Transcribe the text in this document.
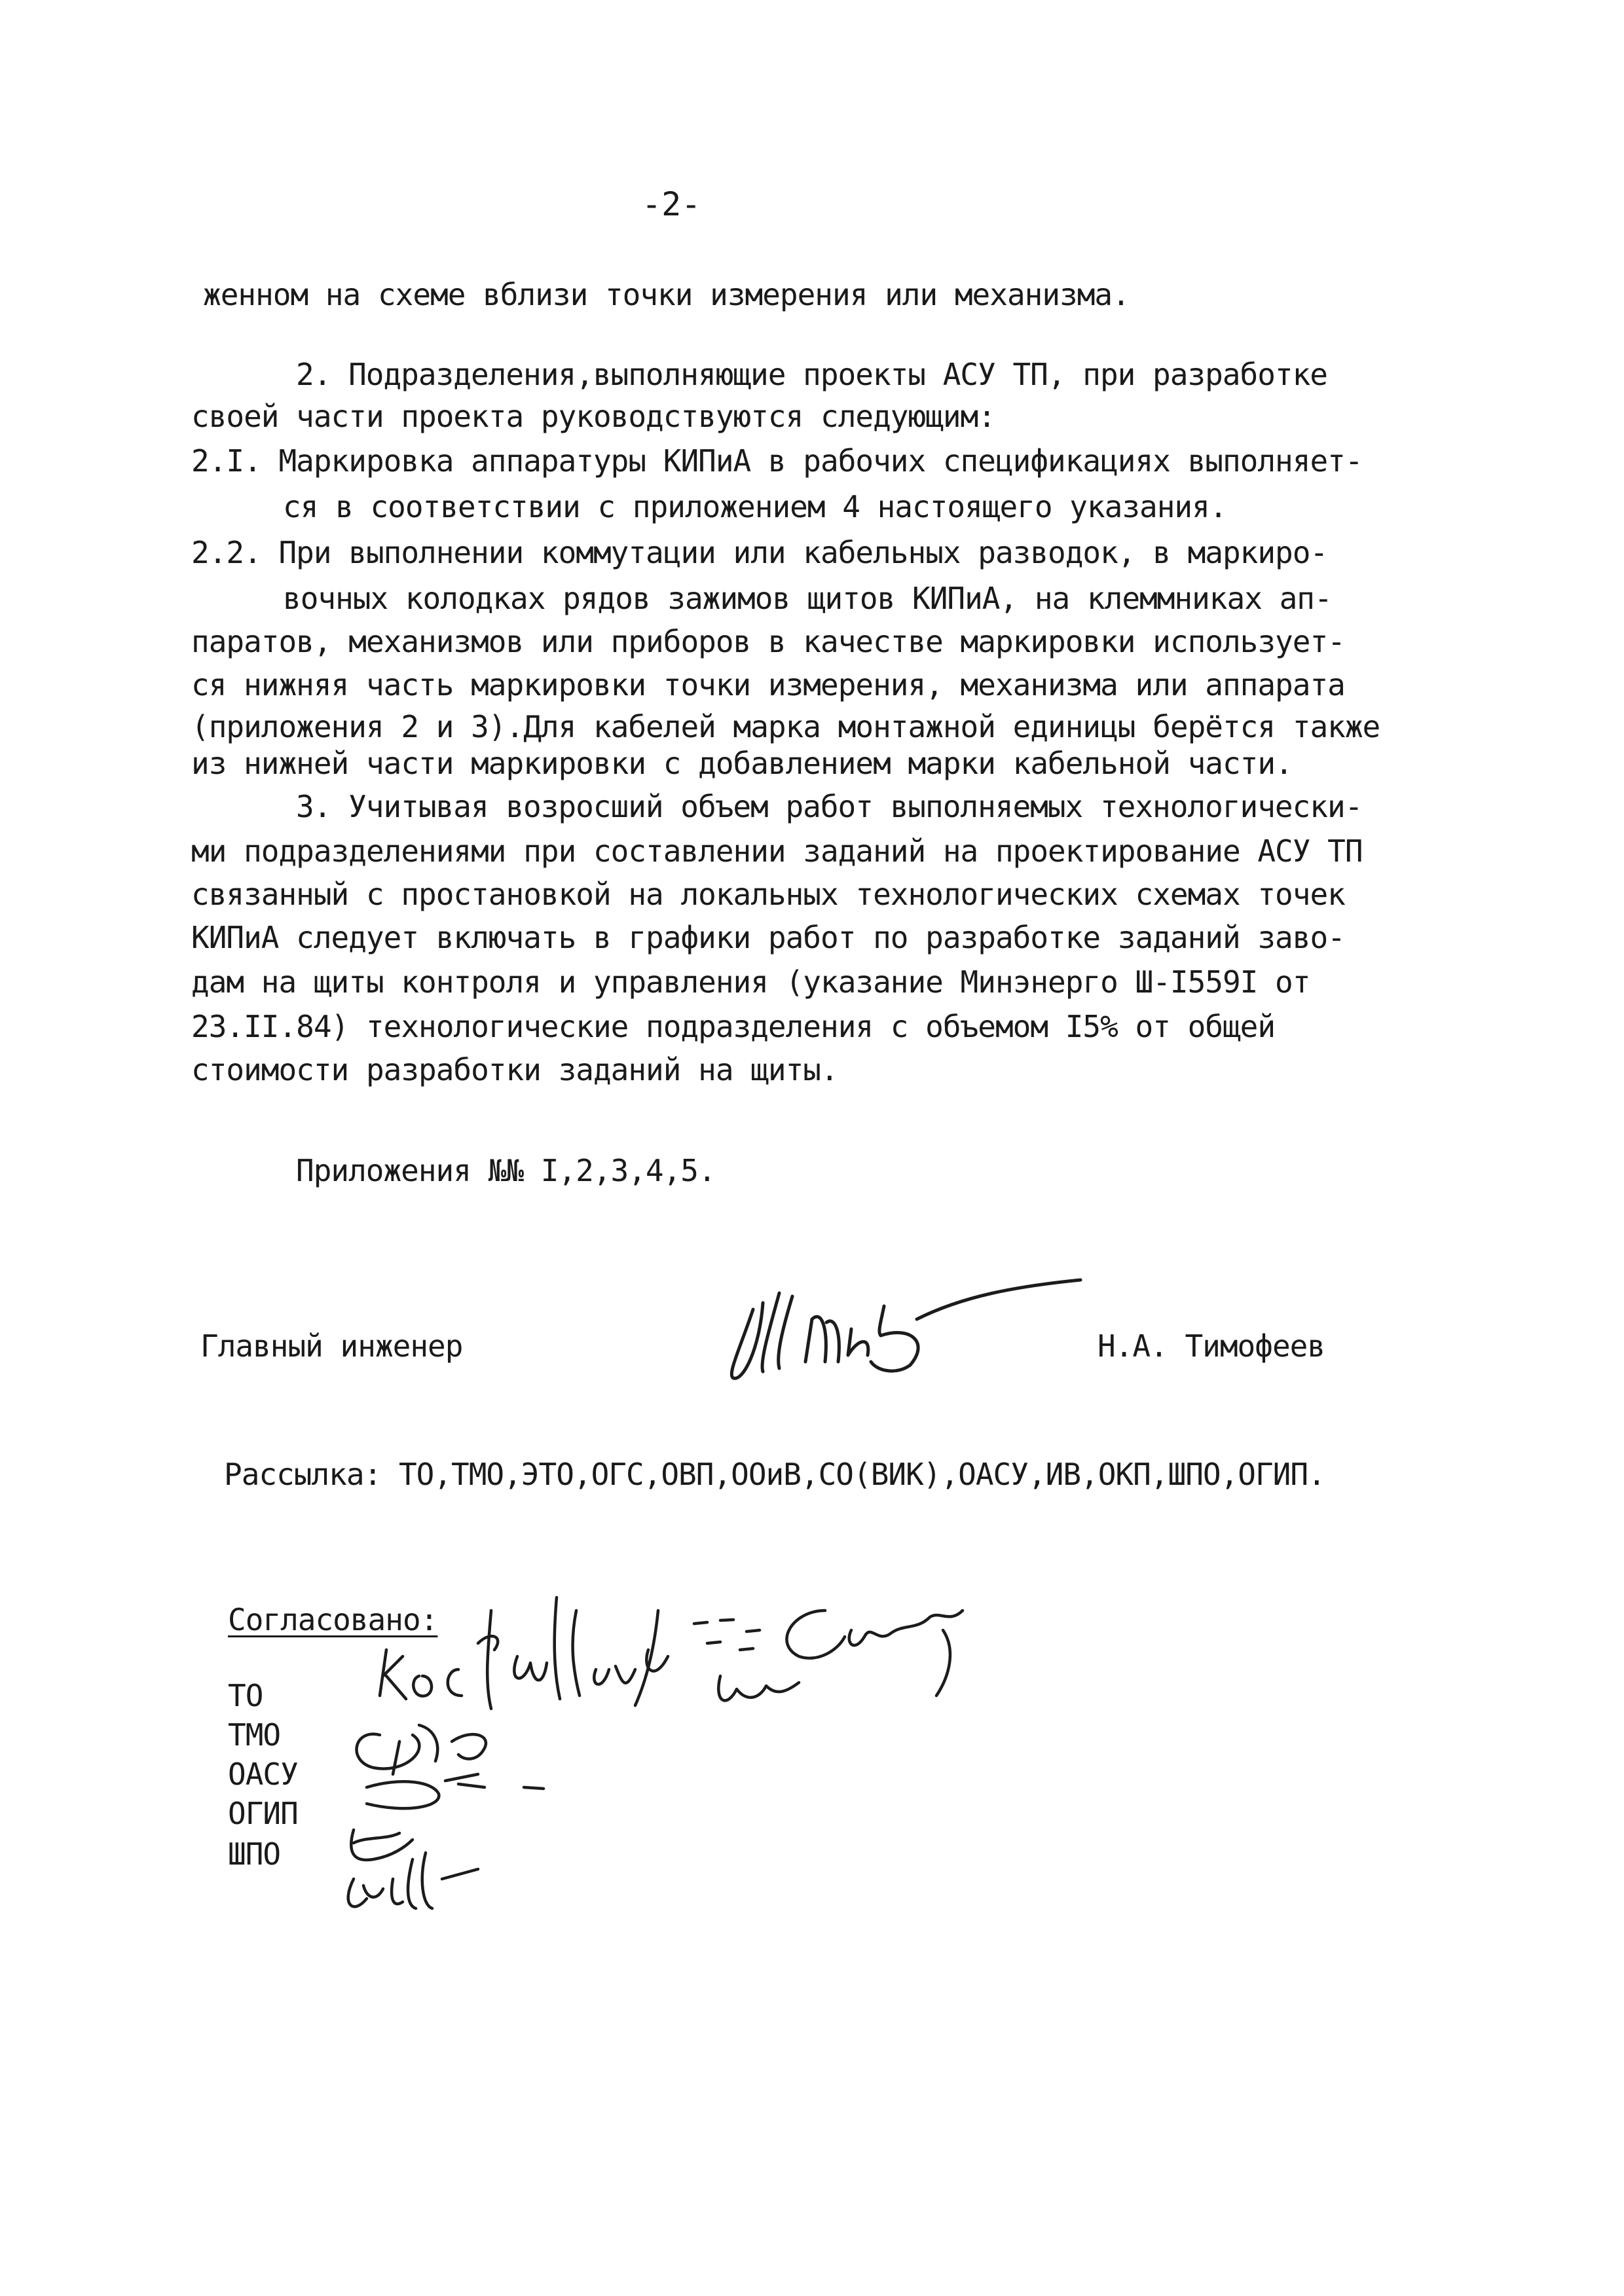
-2-
женном на схеме вблизи точки измерения или механизма.
2. Подразделения,выполняющие проекты АСУ ТП, при разработке
своей части проекта руководствуются следующим:
2.I. Маркировка аппаратуры КИПиА в рабочих спецификациях выполняет-
ся в соответствии с приложением 4 настоящего указания.
2.2. При выполнении коммутации или кабельных разводок, в маркиро-
вочных колодках рядов зажимов щитов КИПиА, на клеммниках ап-
паратов, механизмов или приборов в качестве маркировки использует-
ся нижняя часть маркировки точки измерения, механизма или аппарата
(приложения 2 и 3).Для кабелей марка монтажной единицы берётся также
из нижней части маркировки с добавлением марки кабельной части.
3. Учитывая возросший объем работ выполняемых технологически-
ми подразделениями при составлении заданий на проектирование АСУ ТП
связанный с простановкой на локальных технологических схемах точек
КИПиА следует включать в графики работ по разработке заданий заво-
дам на щиты контроля и управления (указание Минэнерго Ш-I559I от
23.II.84) технологические подразделения с объемом I5% от общей
стоимости разработки заданий на щиты.
Приложения №№ I,2,3,4,5.
Главный инженер	Н.А. Тимофеев
Рассылка: ТО,ТМО,ЭТО,ОГС,ОВП,ООиВ,СО(ВИК),ОАСУ,ИВ,ОКП,ШПО,ОГИП.
Согласовано:
ТО
ТМО
ОАСУ
ОГИП
ШПО
